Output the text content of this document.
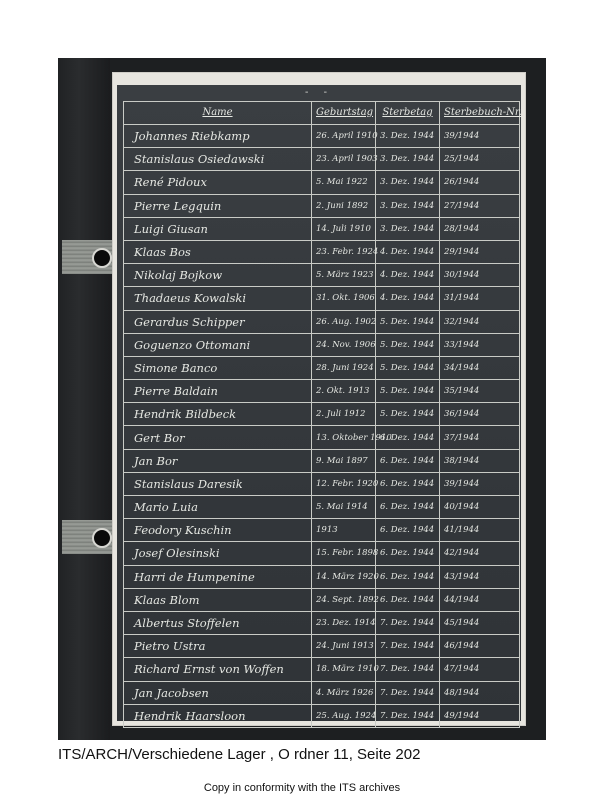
- -
Name	Geburtstag	Sterbetag	Sterbebuch-Nr.
Johannes Riebkamp	26. April 1910	3. Dez. 1944	39/1944
Stanislaus Osiedawski	23. April 1903	3. Dez. 1944	25/1944
René Pidoux	5. Mai 1922	3. Dez. 1944	26/1944
Pierre Legquin	2. Juni 1892	3. Dez. 1944	27/1944
Luigi Giusan	14. Juli 1910	3. Dez. 1944	28/1944
Klaas Bos	23. Febr. 1924	4. Dez. 1944	29/1944
Nikolaj Bojkow	5. März 1923	4. Dez. 1944	30/1944
Thadaeus Kowalski	31. Okt. 1906	4. Dez. 1944	31/1944
Gerardus Schipper	26. Aug. 1902	5. Dez. 1944	32/1944
Goguenzo Ottomani	24. Nov. 1906	5. Dez. 1944	33/1944
Simone Banco	28. Juni 1924	5. Dez. 1944	34/1944
Pierre Baldain	2. Okt. 1913	5. Dez. 1944	35/1944
Hendrik Bildbeck	2. Juli 1912	5. Dez. 1944	36/1944
Gert Bor	13. Oktober 1910	6. Dez. 1944	37/1944
Jan Bor	9. Mai 1897	6. Dez. 1944	38/1944
Stanislaus Daresik	12. Febr. 1920	6. Dez. 1944	39/1944
Mario Luia	5. Mai 1914	6. Dez. 1944	40/1944
Feodory Kuschin	1913	6. Dez. 1944	41/1944
Josef Olesinski	15. Febr. 1898	6. Dez. 1944	42/1944
Harri de Humpenine	14. März 1920	6. Dez. 1944	43/1944
Klaas Blom	24. Sept. 1892	6. Dez. 1944	44/1944
Albertus Stoffelen	23. Dez. 1914	7. Dez. 1944	45/1944
Pietro Ustra	24. Juni 1913	7. Dez. 1944	46/1944
Richard Ernst von Woffen	18. März 1910	7. Dez. 1944	47/1944
Jan Jacobsen	4. März 1926	7. Dez. 1944	48/1944
Hendrik Haarsloon	25. Aug. 1924	7. Dez. 1944	49/1944
ITS/ARCH/Verschiedene Lager , O rdner 11, Seite 202
Copy in conformity with the ITS archives
